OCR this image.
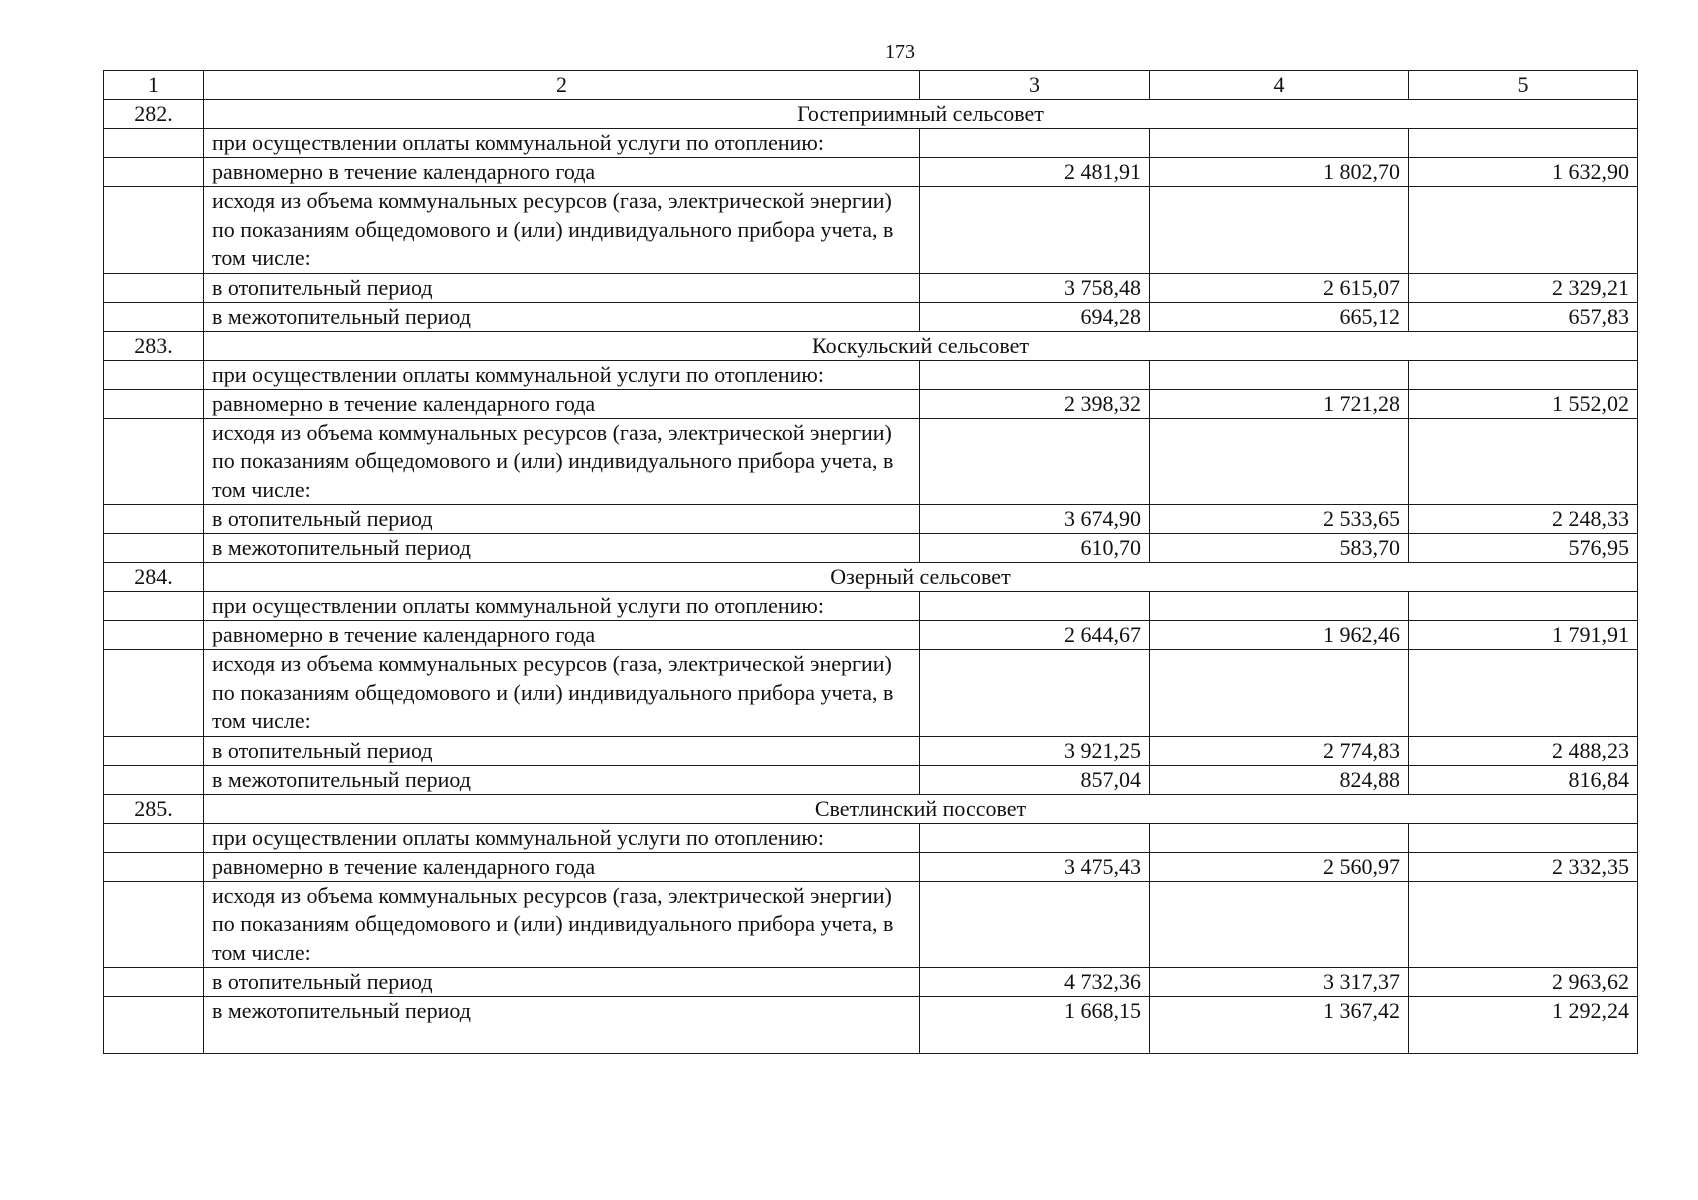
173
1	2	3	4	5
282.	Гостеприимный сельсовет			
	при осуществлении оплаты коммунальной услуги по отоплению:			
	равномерно в течение календарного года	2 481,91	1 802,70	1 632,90
	исходя из объема коммунальных ресурсов (газа, электрической энергии) по показаниям общедомового и (или) индивидуального прибора учета, в том числе:			
	в отопительный период	3 758,48	2 615,07	2 329,21
	в межотопительный период	694,28	665,12	657,83
283.	Коскульский сельсовет			
	при осуществлении оплаты коммунальной услуги по отоплению:			
	равномерно в течение календарного года	2 398,32	1 721,28	1 552,02
	исходя из объема коммунальных ресурсов (газа, электрической энергии) по показаниям общедомового и (или) индивидуального прибора учета, в том числе:			
	в отопительный период	3 674,90	2 533,65	2 248,33
	в межотопительный период	610,70	583,70	576,95
284.	Озерный сельсовет			
	при осуществлении оплаты коммунальной услуги по отоплению:			
	равномерно в течение календарного года	2 644,67	1 962,46	1 791,91
	исходя из объема коммунальных ресурсов (газа, электрической энергии) по показаниям общедомового и (или) индивидуального прибора учета, в том числе:			
	в отопительный период	3 921,25	2 774,83	2 488,23
	в межотопительный период	857,04	824,88	816,84
285.	Светлинский поссовет			
	при осуществлении оплаты коммунальной услуги по отоплению:			
	равномерно в течение календарного года	3 475,43	2 560,97	2 332,35
	исходя из объема коммунальных ресурсов (газа, электрической энергии) по показаниям общедомового и (или) индивидуального прибора учета, в том числе:			
	в отопительный период	4 732,36	3 317,37	2 963,62
	в межотопительный период	1 668,15	1 367,42	1 292,24
